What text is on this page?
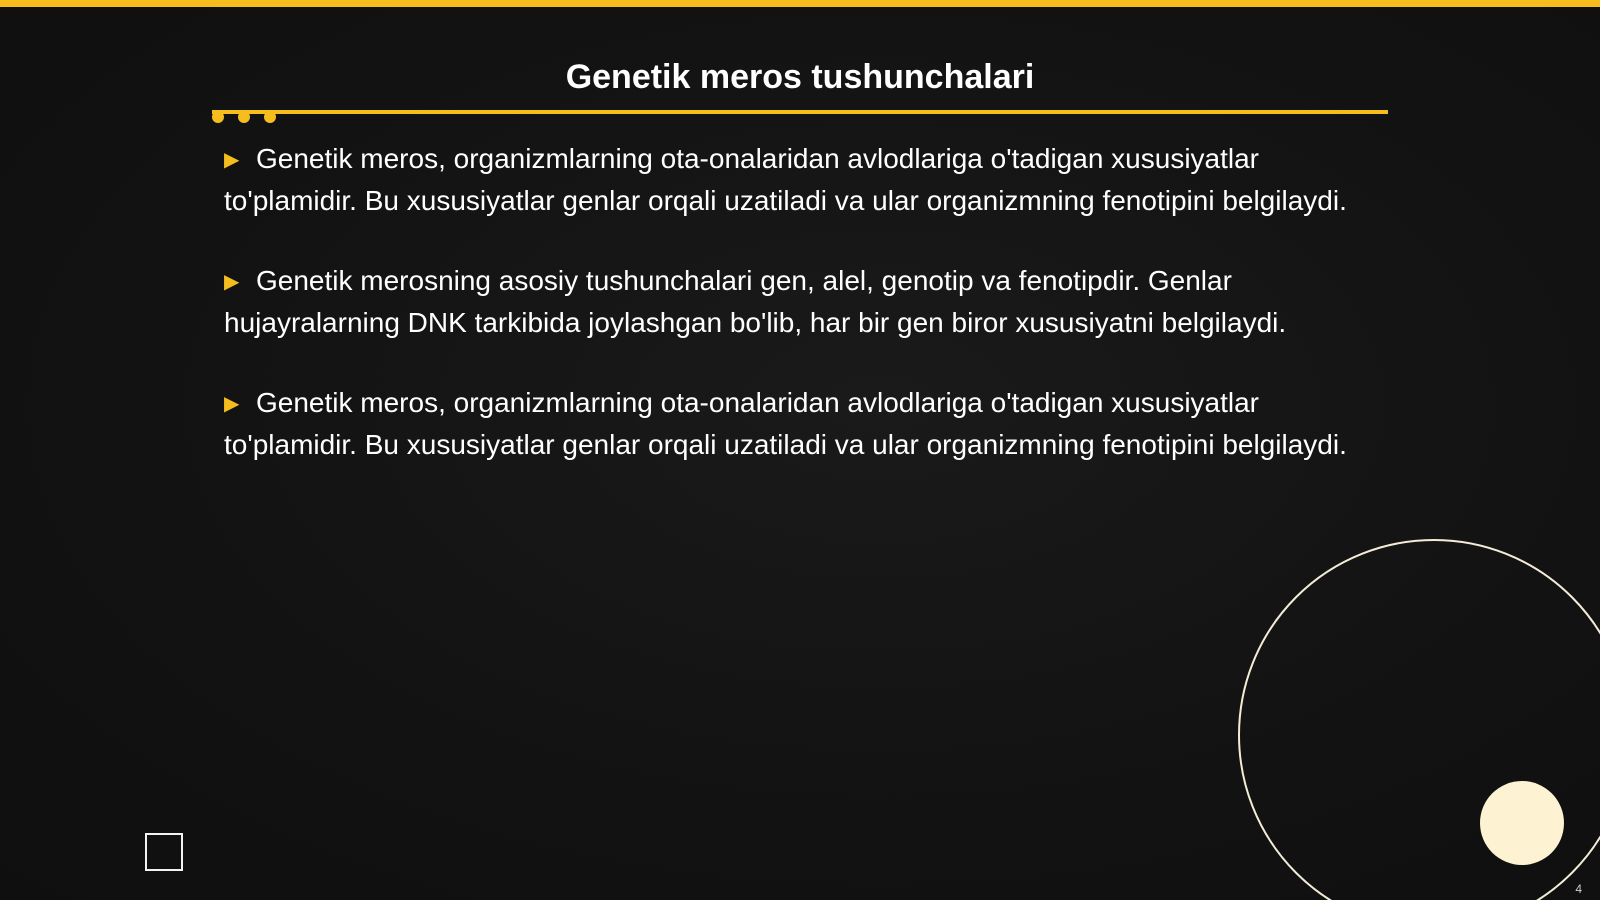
Genetik meros tushunchalari

▶ Genetik meros, organizmlarning ota-onalaridan avlodlariga o'tadigan xususiyatlar to'plamidir. Bu xususiyatlar genlar orqali uzatiladi va ular organizmning fenotipini belgilaydi.

▶ Genetik merosning asosiy tushunchalari gen, alel, genotip va fenotipdir. Genlar hujayralarning DNK tarkibida joylashgan bo'lib, har bir gen biror xususiyatni belgilaydi.

▶ Genetik meros, organizmlarning ota-onalaridan avlodlariga o'tadigan xususiyatlar to'plamidir. Bu xususiyatlar genlar orqali uzatiladi va ular organizmning fenotipini belgilaydi.

4
